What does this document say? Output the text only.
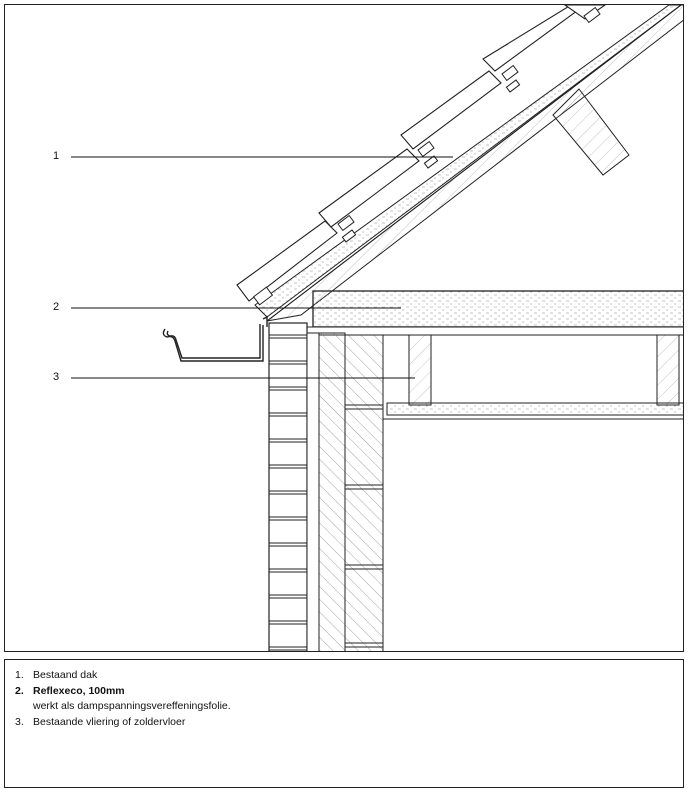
1
2
3
1. Bestaand dak
2. Reflexeco, 100mm
werkt als dampspanningsvereffeningsfolie.
3. Bestaande vliering of zoldervloer
